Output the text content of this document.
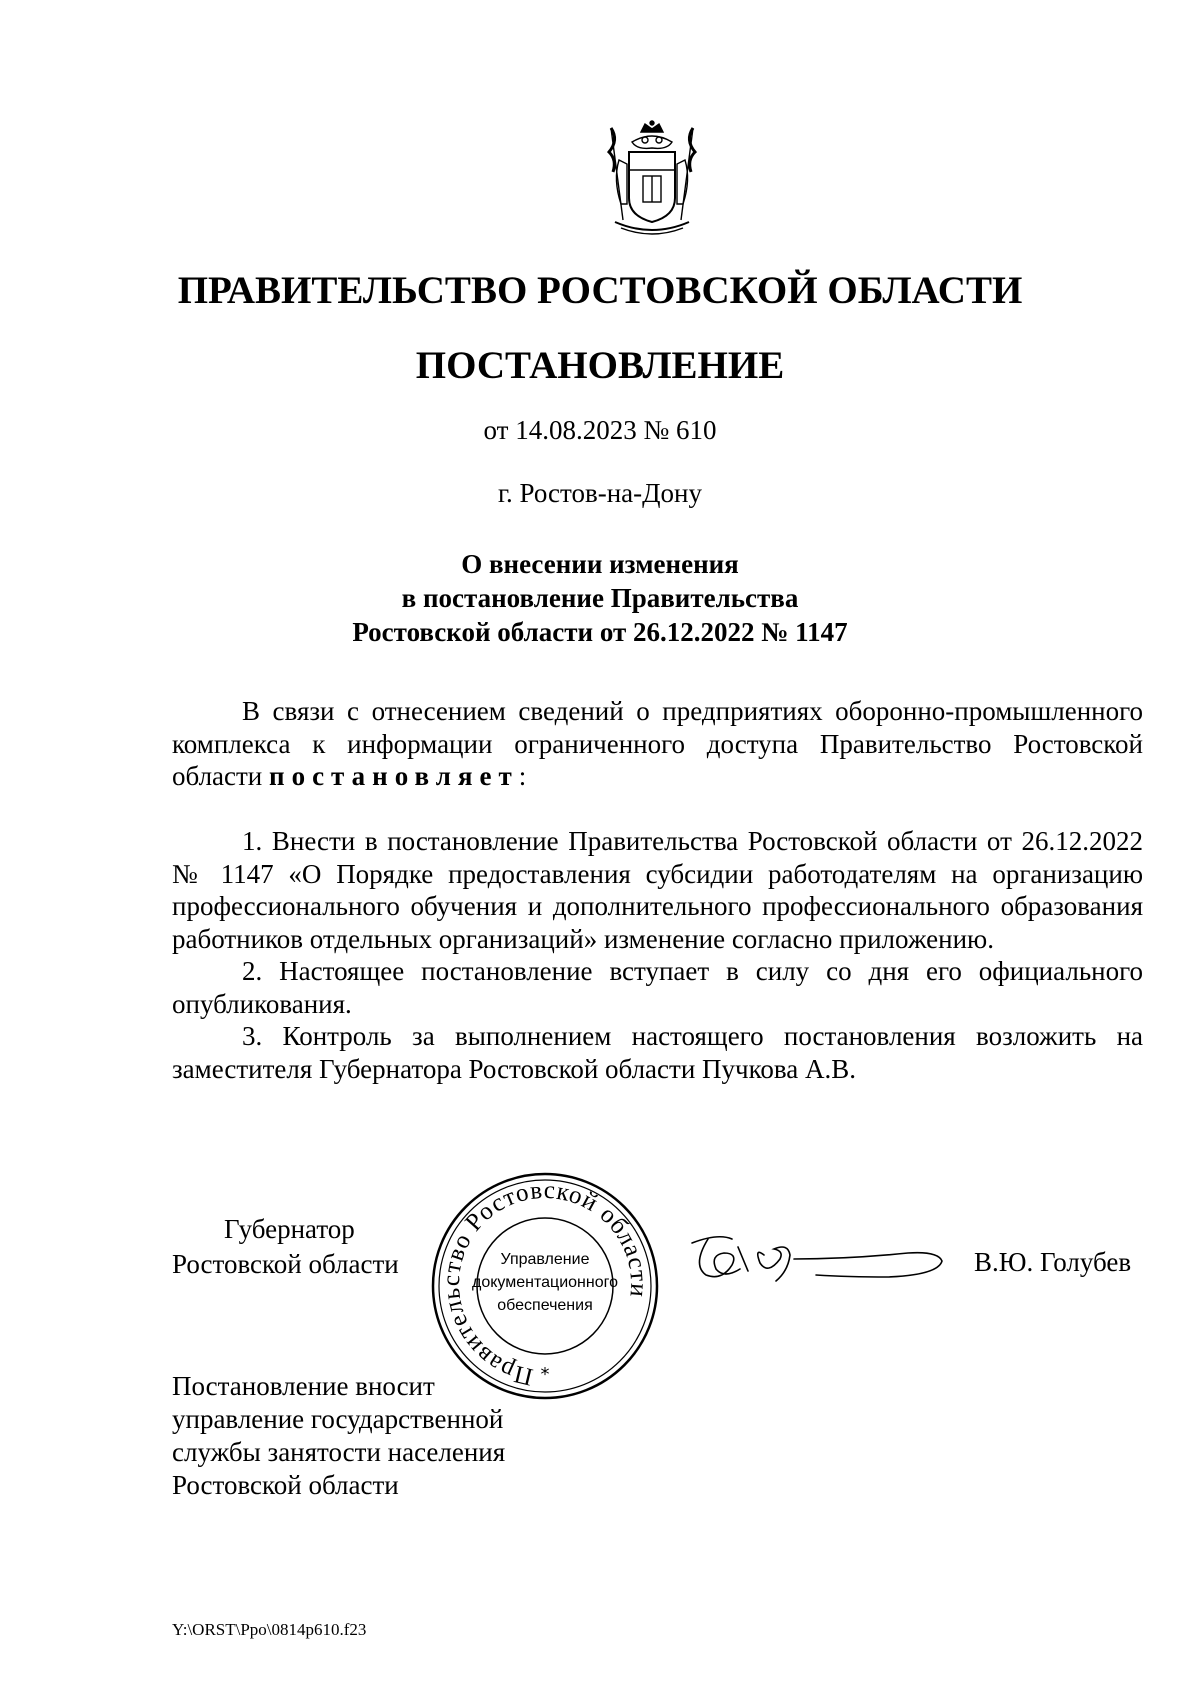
ПРАВИТЕЛЬСТВО РОСТОВСКОЙ ОБЛАСТИ
ПОСТАНОВЛЕНИЕ
от 14.08.2023 № 610
г. Ростов-на-Дону
О внесении изменения
в постановление Правительства
Ростовской области от 26.12.2022 № 1147
В связи с отнесением сведений о предприятиях оборонно-промышленного комплекса к информации ограниченного доступа Правительство Ростовской области постановляет:

1. Внести в постановление Правительства Ростовской области от 26.12.2022 № 1147 «О Порядке предоставления субсидии работодателям на организацию профессионального обучения и дополнительного профессионального образования работников отдельных организаций» изменение согласно приложению.

2. Настоящее постановление вступает в силу со дня его официального опубликования.

3. Контроль за выполнением настоящего постановления возложить на заместителя Губернатора Ростовской области Пучкова А.В.

Губернатор
Ростовской области
Правительство Ростовской области
*
Управление
документационного
обеспечения
В.Ю. Голубев
Постановление вносит
управление государственной
службы занятости населения
Ростовской области
Y:\ORST\Ppo\0814p610.f23
